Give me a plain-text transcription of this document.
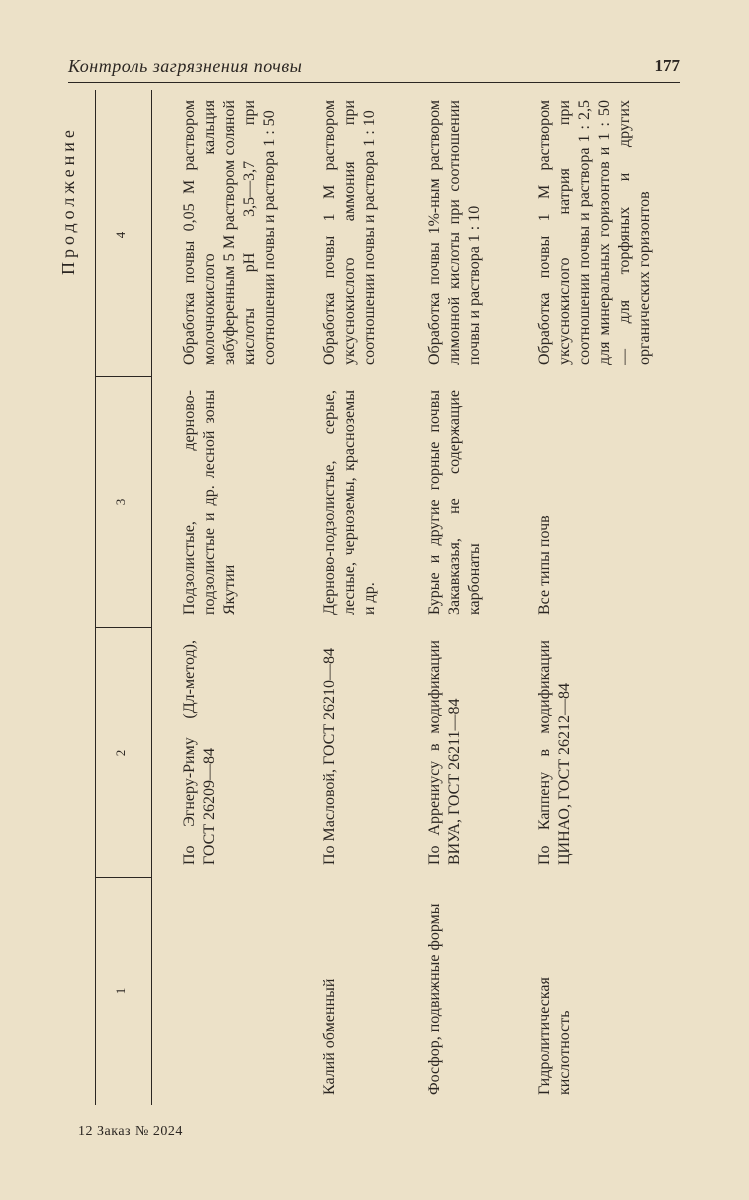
Контроль загрязнения почвы	177
Продолжение
1
2
3
4
По Эгнеру-Риму (Дл-метод), ГОСТ 26209—84
Подзолистые, дерново-подзолистые и др. лесной зоны Якутии
Обработка почвы 0,05 М раствором молочнокислого кальция забуференным 5 М раствором соляной кислоты рН 3,5—3,7 при соотношении почвы и раствора 1 : 50
Калий обменный
По Масловой, ГОСТ 26210—84
Дерново-подзолистые, серые, лесные, черноземы, красноземы и др.
Обработка почвы 1 М раствором уксуснокислого аммония при соотношении почвы и раствора 1 : 10
Фосфор, подвижные формы
По Аррениусу в модификации ВИУА, ГОСТ 26211—84
Бурые и другие горные почвы Закавказья, не содержащие карбонаты
Обработка почвы 1%-ным раствором лимонной кислоты при соотношении почвы и раствора 1 : 10
Гидролитическая кислотность
По Каппену в модификации ЦИНАО, ГОСТ 26212—84
Все типы почв
Обработка почвы 1 М раствором уксуснокислого натрия при соотношении почвы и раствора 1 : 2,5 для минеральных горизонтов и 1 : 50 — для торфяных и других органических горизонтов
12 Заказ № 2024
